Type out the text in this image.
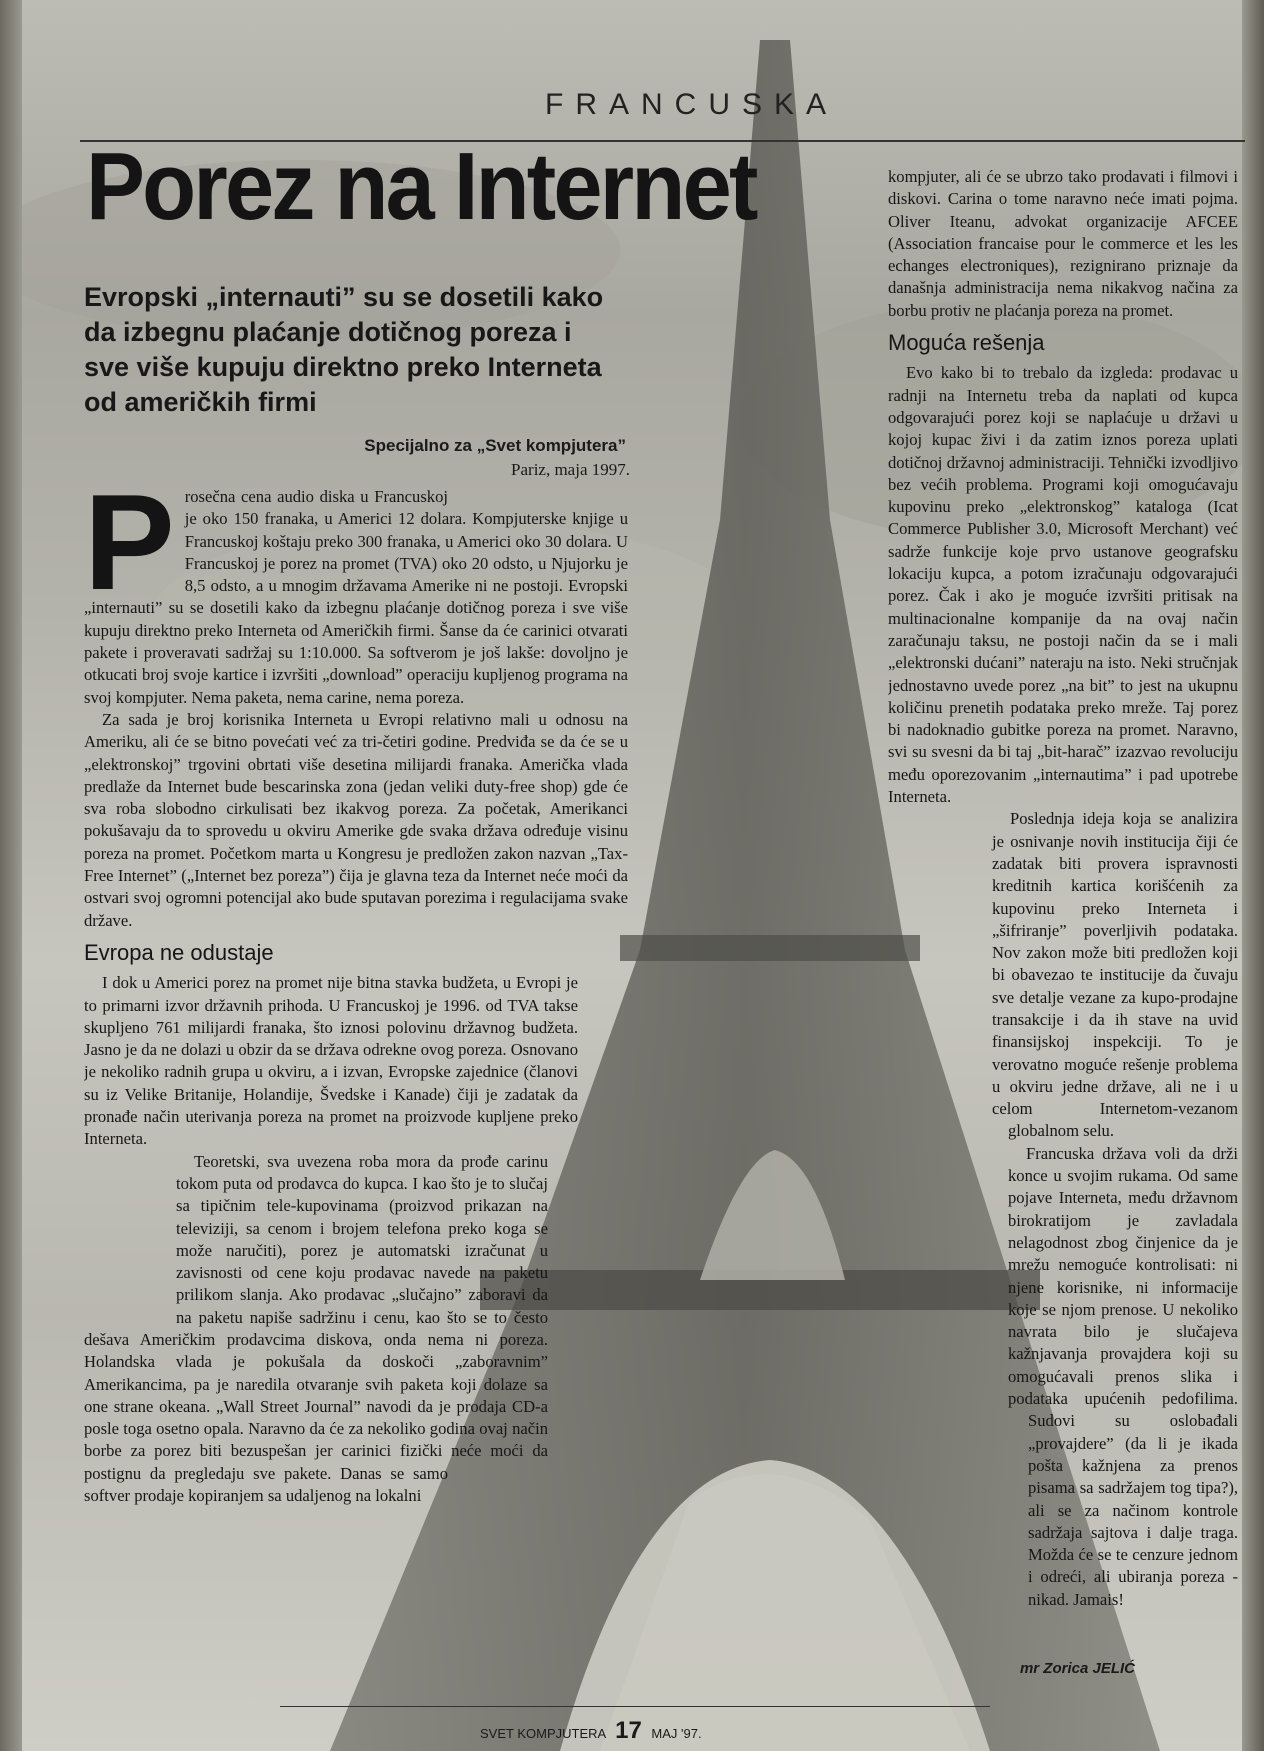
FRANCUSKA
Porez na Internet
Evropski „internauti” su se dosetili kako da izbegnu plaćanje dotičnog poreza i sve više kupuju direktno preko Interneta od američkih firmi
Specijalno za „Svet kompjutera”
Pariz, maja 1997.

Prosečna cena audio diska u Francuskoj je oko 150 franaka, u Americi 12 dolara. Kompjuterske knjige u Francuskoj koštaju preko 300 franaka, u Americi oko 30 dolara. U Francuskoj je porez na promet (TVA) oko 20 odsto, u Njujorku je 8,5 odsto, a u mnogim državama Amerike ni ne postoji. Evropski „internauti” su se dosetili kako da izbegnu plaćanje dotičnog poreza i sve više kupuju direktno preko Interneta od Američkih firmi. Šanse da će carinici otvarati pakete i proveravati sadržaj su 1:10.000. Sa softverom je još lakše: dovoljno je otkucati broj svoje kartice i izvršiti „download” operaciju kupljenog programa na svoj kompjuter. Nema paketa, nema carine, nema poreza.

Za sada je broj korisnika Interneta u Evropi relativno mali u odnosu na Ameriku, ali će se bitno povećati već za tri-četiri godine. Predviđa se da će se u „elektronskoj” trgovini obrtati više desetina milijardi franaka. Američka vlada predlaže da Internet bude bescarinska zona (jedan veliki duty-free shop) gde će sva roba slobodno cirkulisati bez ikakvog poreza. Za početak, Amerikanci pokušavaju da to sprovedu u okviru Amerike gde svaka država određuje visinu poreza na promet. Početkom marta u Kongresu je predložen zakon nazvan „Tax-Free Internet” („Internet bez poreza”) čija je glavna teza da Internet neće moći da ostvari svoj ogromni potencijal ako bude sputavan porezima i regulacijama svake države.

Evropa ne odustaje

I dok u Americi porez na promet nije bitna stavka budžeta, u Evropi je to primarni izvor državnih prihoda. U Francuskoj je 1996. od TVA takse skupljeno 761 milijardi franaka, što iznosi polovinu državnog budžeta. Jasno je da ne dolazi u obzir da se država odrekne ovog poreza. Osnovano je nekoliko radnih grupa u okviru, a i izvan, Evropske zajednice (članovi su iz Velike Britanije, Holandije, Švedske i Kanade) čiji je zadatak da pronađe način uterivanja poreza na promet na proizvode kupljene preko Interneta.

Teoretski, sva uvezena roba mora da prođe carinu tokom puta od prodavca do kupca. I kao što je to slučaj sa tipičnim tele-kupovinama (proizvod prikazan na televiziji, sa cenom i brojem telefona preko koga se može naručiti), porez je automatski izračunat u zavisnosti od cene koju prodavac navede na paketu prilikom slanja. Ako prodavac „slučajno” zaboravi da na paketu napiše sadržinu i cenu, kao što se to često dešava Američkim prodavcima diskova, onda nema ni poreza. Holandska vlada je pokušala da doskoči „zaboravnim” Amerikancima, pa je naredila otvaranje svih paketa koji dolaze sa one strane okeana. „Wall Street Journal” navodi da je prodaja CD-a posle toga osetno opala. Naravno da će za nekoliko godina ovaj način borbe za porez biti bezuspešan jer carinici fizički neće moći da postignu da pregledaju sve pakete. Danas se samo softver prodaje kopiranjem sa udaljenog na lokalni

kompjuter, ali će se ubrzo tako prodavati i filmovi i diskovi. Carina o tome naravno neće imati pojma. Oliver Iteanu, advokat organizacije AFCEE (Association francaise pour le commerce et les les echanges electroniques), rezignirano priznaje da današnja administracija nema nikakvog načina za borbu protiv ne plaćanja poreza na promet.

Moguća rešenja

Evo kako bi to trebalo da izgleda: prodavac u radnji na Internetu treba da naplati od kupca odgovarajući porez koji se naplaćuje u državi u kojoj kupac živi i da zatim iznos poreza uplati dotičnoj državnoj administraciji. Tehnički izvodljivo bez većih problema. Programi koji omogućavaju kupovinu preko „elektronskog” kataloga (Icat Commerce Publisher 3.0, Microsoft Merchant) već sadrže funkcije koje prvo ustanove geografsku lokaciju kupca, a potom izračunaju odgovarajući porez. Čak i ako je moguće izvršiti pritisak na multinacionalne kompanije da na ovaj način zaračunaju taksu, ne postoji način da se i mali „elektronski dućani” nateraju na isto. Neki stručnjak jednostavno uvede porez „na bit” to jest na ukupnu količinu prenetih podataka preko mreže. Taj porez bi nadoknadio gubitke poreza na promet. Naravno, svi su svesni da bi taj „bit-harač” izazvao revoluciju među oporezovanim „internautima” i pad upotrebe Interneta.

Poslednja ideja koja se analizira je osnivanje novih institucija čiji će zadatak biti provera ispravnosti kreditnih kartica korišćenih za kupovinu preko Interneta i „šifriranje” poverljivih podataka. Nov zakon može biti predložen koji bi obavezao te institucije da čuvaju sve detalje vezane za kupo-prodajne transakcije i da ih stave na uvid finansijskoj inspekciji. To je verovatno moguće rešenje problema u okviru jedne države, ali ne i u celom Internetom-vezanom globalnom selu.

Francuska država voli da drži konce u svojim rukama. Od same pojave Interneta, među državnom birokratijom je zavladala nelagodnost zbog činjenice da je mrežu nemoguće kontrolisati: ni njene korisnike, ni informacije koje se njom prenose. U nekoliko navrata bilo je slučajeva kažnjavanja provajdera koji su omogućavali prenos slika i podataka upućenih pedofilima. Sudovi su oslobađali „provajdere” (da li je ikada pošta kažnjena za prenos pisama sa sadržajem tog tipa?), ali se za načinom kontrole sadržaja sajtova i dalje traga. Možda će se te cenzure jednom i odreći, ali ubiranja poreza - nikad. Jamais!

mr Zorica JELIĆ
SVET KOMPJUTERA 17 MAJ '97.
